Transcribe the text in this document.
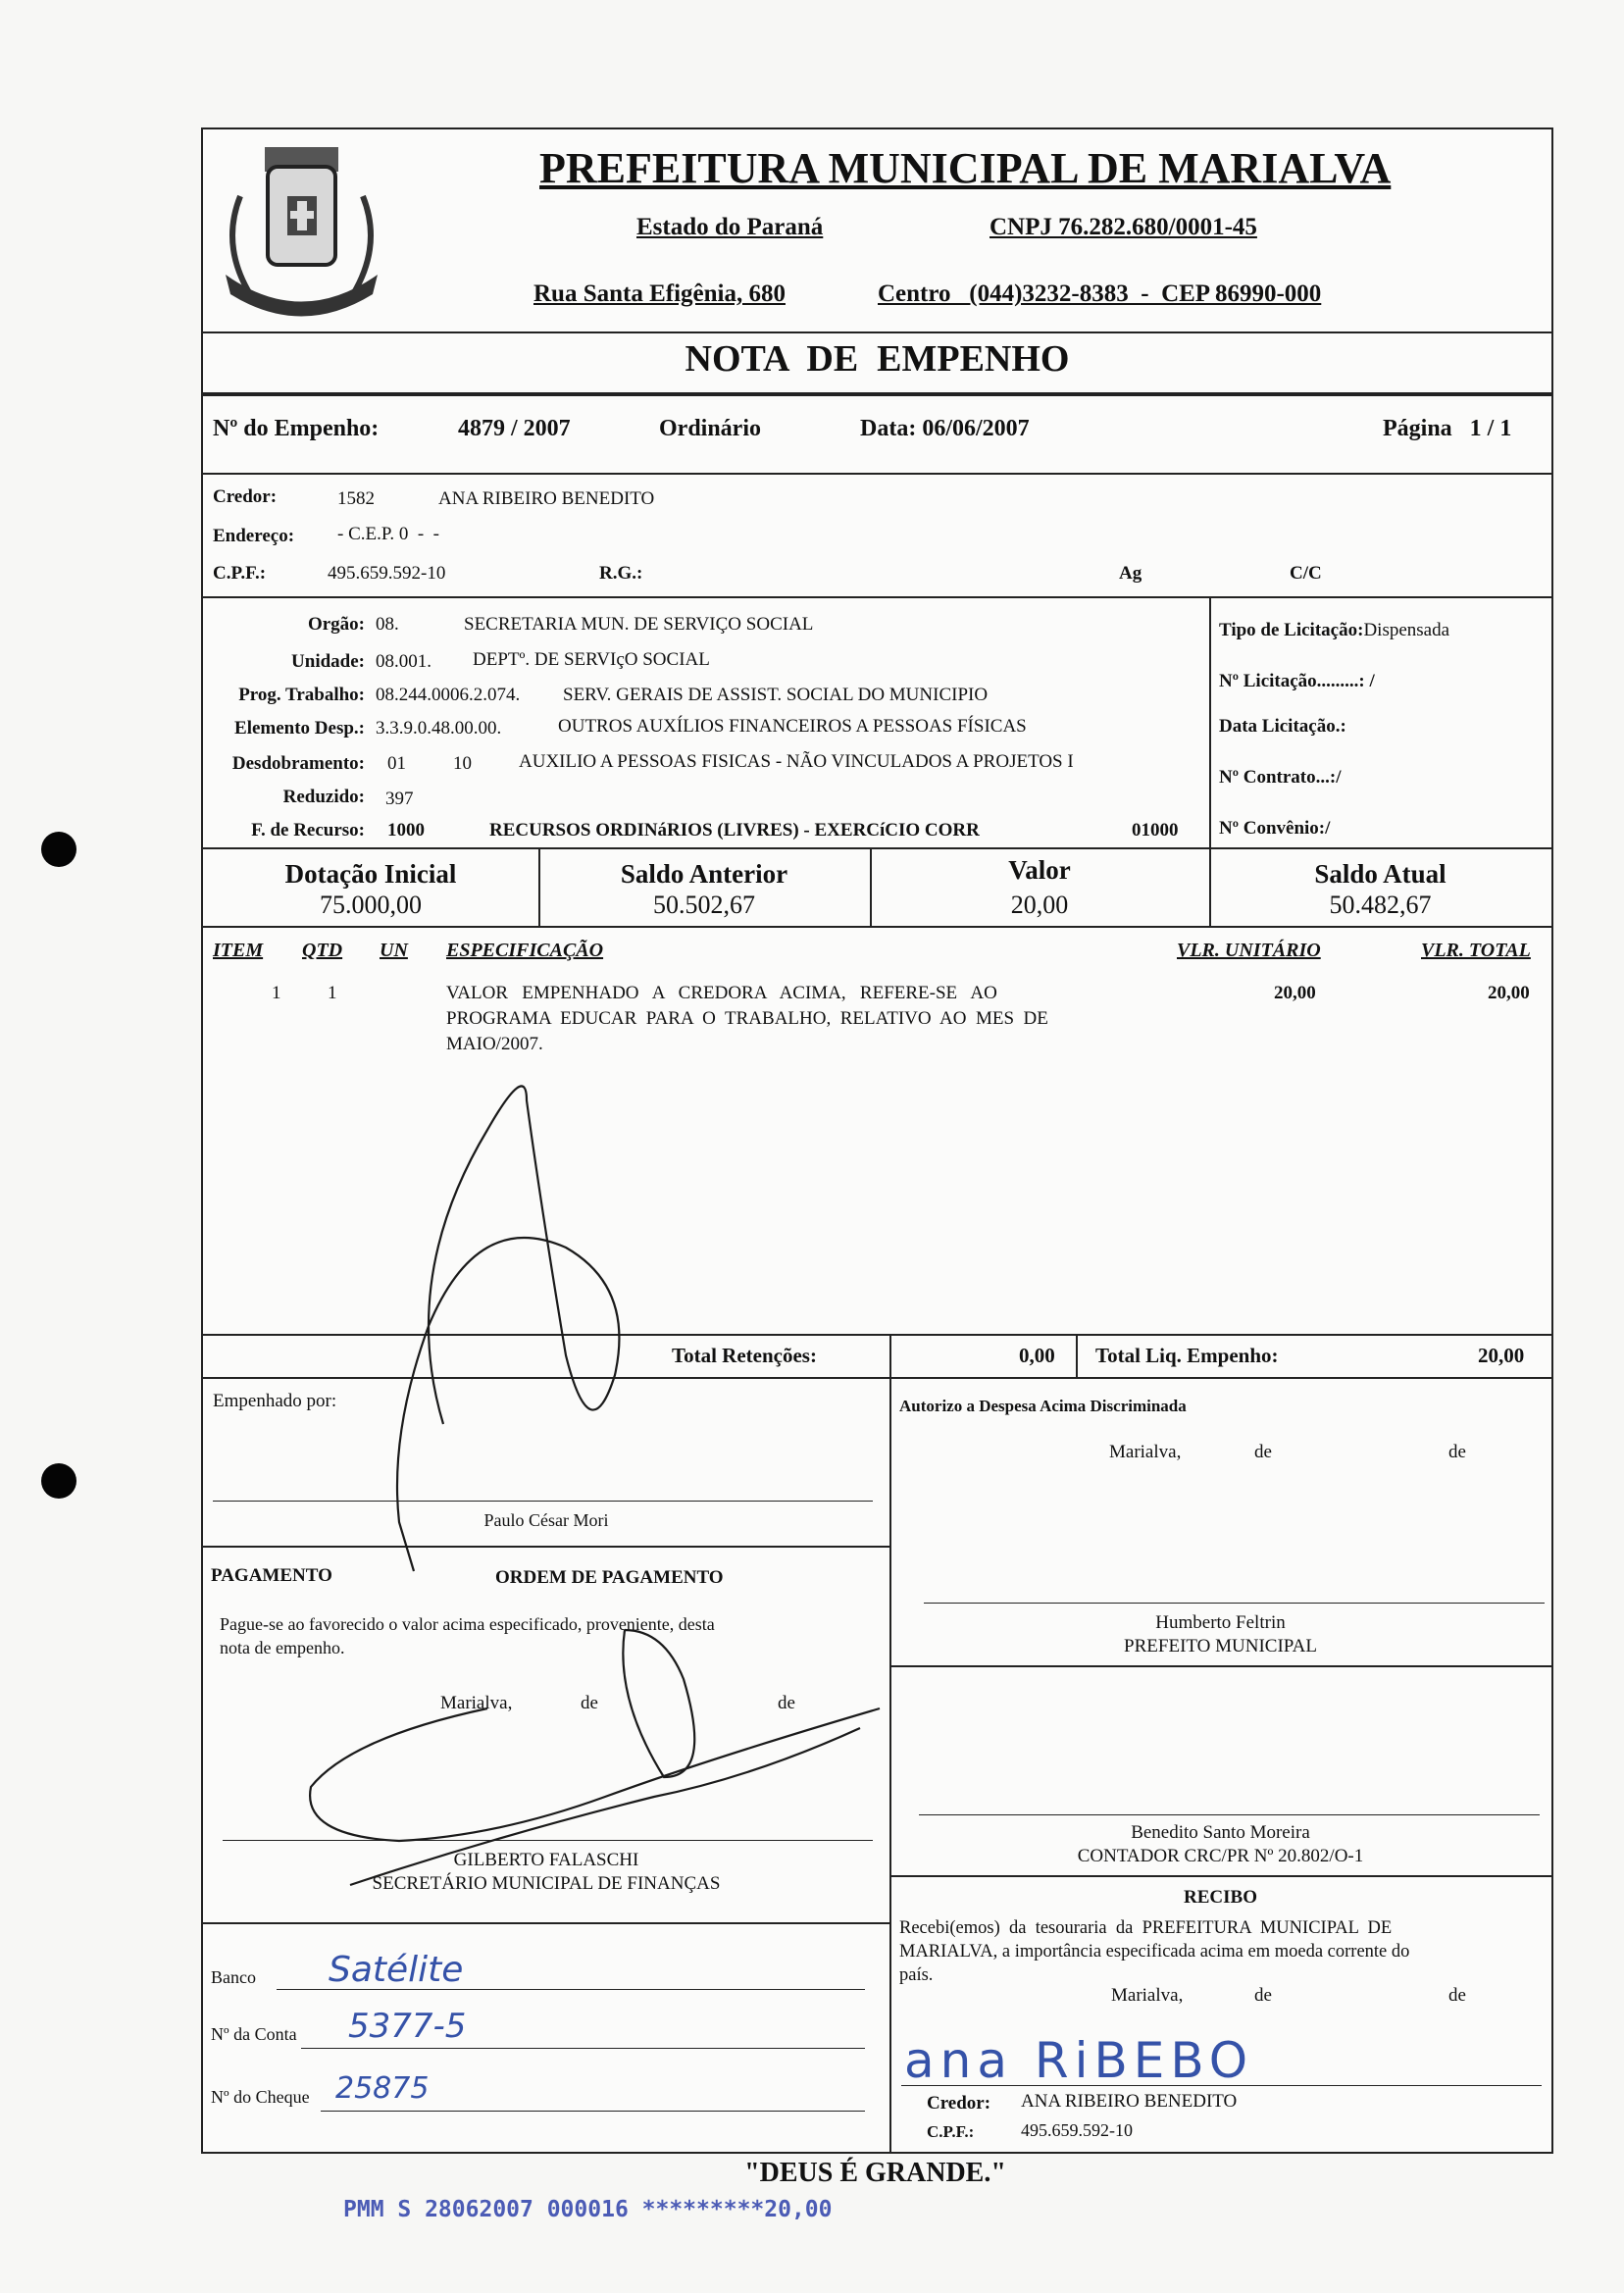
PREFEITURA MUNICIPAL DE MARIALVA
Estado do Paraná	CNPJ 76.282.680/0001-45
Rua Santa Efigênia, 680	Centro   (044)3232-8383  -  CEP 86990-000
NOTA  DE  EMPENHO
Nº do Empenho:	4879 / 2007	Ordinário	Data: 06/06/2007	Página   1 / 1
Credor:	1582	ANA RIBEIRO BENEDITO
Endereço: - C.E.P. 0  -  -
C.P.F.:	495.659.592-10	R.G.:	Ag	C/C
Orgão: 08.	SECRETARIA MUN. DE SERVIÇO SOCIAL
Unidade: 08.001. DEPTº. DE SERVIçO SOCIAL
Prog. Trabalho: 08.244.0006.2.074. SERV. GERAIS DE ASSIST. SOCIAL DO MUNICIPIO
Elemento Desp.: 3.3.9.0.48.00.00.	OUTROS AUXÍLIOS FINANCEIROS A PESSOAS FÍSICAS
Desdobramento: 01	10	AUXILIO A PESSOAS FISICAS - NÃO VINCULADOS A PROJETOS I
Reduzido: 397
F. de Recurso: 1000	RECURSOS ORDINáRIOS (LIVRES) - EXERCíCIO CORR	01000
Tipo de Licitação:Dispensada
Nº Licitação.........: /
Data Licitação.:
Nº Contrato...:/
Nº Convênio:/
Dotação Inicial
75.000,00
Saldo Anterior
50.502,67
Valor
20,00
Saldo Atual
50.482,67
ITEM QTD UN ESPECIFICAÇÃO	VLR. UNITÁRIO	VLR. TOTAL
1	1	VALOR   EMPENHADO   A   CREDORA   ACIMA,   REFERE-SE   AO
PROGRAMA  EDUCAR  PARA  O  TRABALHO,  RELATIVO  AO  MES  DE
MAIO/2007.
20,00	20,00
Total Retenções:	0,00 Total Liq. Empenho:	20,00
Empenhado por:
Paulo César Mori
Autorizo a Despesa Acima Discriminada
Marialva,	de	de
Humberto Feltrin
PREFEITO MUNICIPAL
PAGAMENTO	ORDEM DE PAGAMENTO
Pague-se ao favorecido o valor acima especificado, proveniente, desta
nota de empenho.
Marialva,	de	de
GILBERTO FALASCHI
SECRETÁRIO MUNICIPAL DE FINANÇAS
Benedito Santo Moreira
CONTADOR CRC/PR Nº 20.802/O-1
Banco Satélite
Nº da Conta 5377-5
Nº do Cheque 25875
RECIBO
Recebi(emos)  da  tesouraria  da  PREFEITURA  MUNICIPAL  DE
MARIALVA, a importância especificada acima em moeda corrente do
país.
Marialva,	de	de
ana RiBEBO
Credor: ANA RIBEIRO BENEDITO
C.P.F.:	495.659.592-10
"DEUS É GRANDE."
PMM S 28062007 000016 *********20,00
